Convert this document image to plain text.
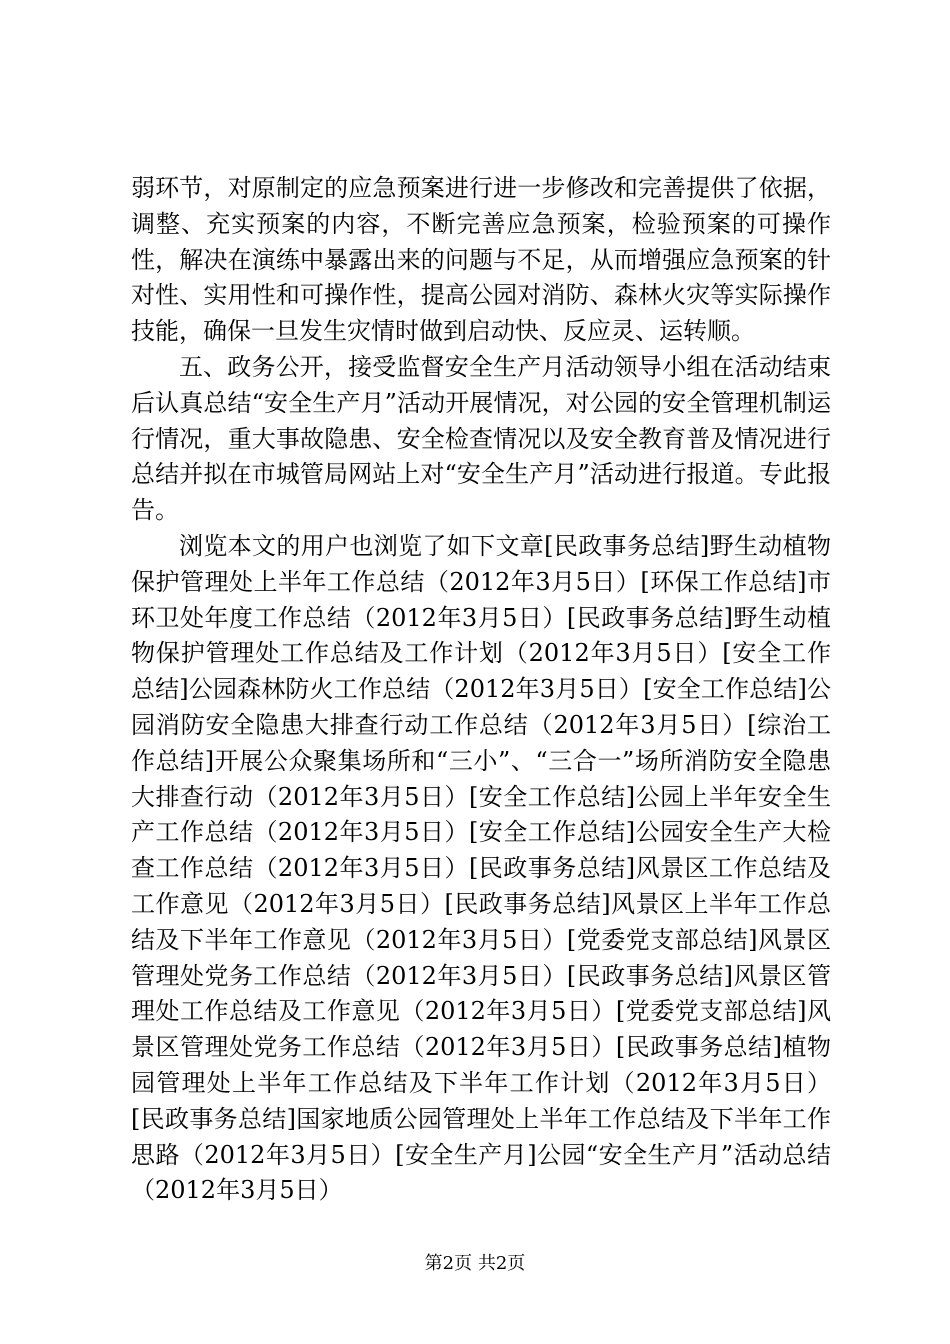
弱环节，对原制定的应急预案进行进一步修改和完善提供了依据，调整、充实预案的内容，不断完善应急预案，检验预案的可操作性，解决在演练中暴露出来的问题与不足，从而增强应急预案的针对性、实用性和可操作性，提高公园对消防、森林火灾等实际操作技能，确保一旦发生灾情时做到启动快、反应灵、运转顺。

五、政务公开，接受监督安全生产月活动领导小组在活动结束后认真总结“安全生产月”活动开展情况，对公园的安全管理机制运行情况，重大事故隐患、安全检查情况以及安全教育普及情况进行总结并拟在市城管局网站上对“安全生产月”活动进行报道。专此报告。

浏览本文的用户也浏览了如下文章[民政事务总结]野生动植物保护管理处上半年工作总结（2012年3月5日）[环保工作总结]市环卫处年度工作总结（2012年3月5日）[民政事务总结]野生动植物保护管理处工作总结及工作计划（2012年3月5日）[安全工作总结]公园森林防火工作总结（2012年3月5日）[安全工作总结]公园消防安全隐患大排查行动工作总结（2012年3月5日）[综治工作总结]开展公众聚集场所和“三小”、“三合一”场所消防安全隐患大排查行动（2012年3月5日）[安全工作总结]公园上半年安全生产工作总结（2012年3月5日）[安全工作总结]公园安全生产大检查工作总结（2012年3月5日）[民政事务总结]风景区工作总结及工作意见（2012年3月5日）[民政事务总结]风景区上半年工作总结及下半年工作意见（2012年3月5日）[党委党支部总结]风景区管理处党务工作总结（2012年3月5日）[民政事务总结]风景区管理处工作总结及工作意见（2012年3月5日）[党委党支部总结]风景区管理处党务工作总结（2012年3月5日）[民政事务总结]植物园管理处上半年工作总结及下半年工作计划（2012年3月5日）[民政事务总结]国家地质公园管理处上半年工作总结及下半年工作思路（2012年3月5日）[安全生产月]公园“安全生产月”活动总结（2012年3月5日）

第2页 共2页
